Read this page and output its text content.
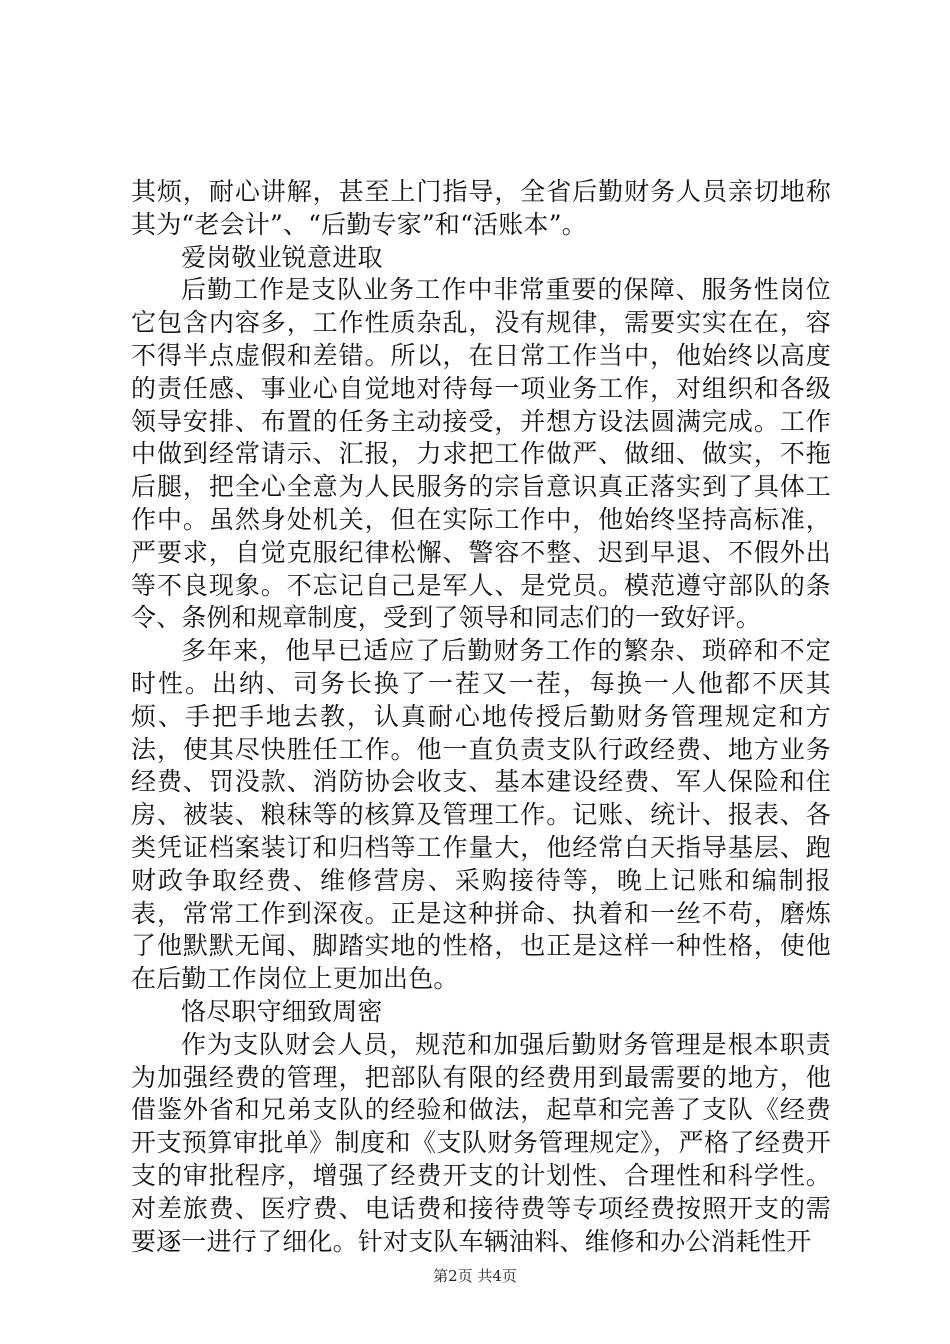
其烦，耐心讲解，甚至上门指导，全省后勤财务人员亲切地称其为“老会计”、“后勤专家”和“活账本”。

爱岗敬业锐意进取

后勤工作是支队业务工作中非常重要的保障、服务性岗位它包含内容多，工作性质杂乱，没有规律，需要实实在在，容不得半点虚假和差错。所以，在日常工作当中，他始终以高度的责任感、事业心自觉地对待每一项业务工作，对组织和各级领导安排、布置的任务主动接受，并想方设法圆满完成。工作中做到经常请示、汇报，力求把工作做严、做细、做实，不拖后腿，把全心全意为人民服务的宗旨意识真正落实到了具体工作中。虽然身处机关，但在实际工作中，他始终坚持高标准，严要求，自觉克服纪律松懈、警容不整、迟到早退、不假外出等不良现象。不忘记自己是军人、是党员。模范遵守部队的条令、条例和规章制度，受到了领导和同志们的一致好评。

多年来，他早已适应了后勤财务工作的繁杂、琐碎和不定时性。出纳、司务长换了一茬又一茬，每换一人他都不厌其烦、手把手地去教，认真耐心地传授后勤财务管理规定和方法，使其尽快胜任工作。他一直负责支队行政经费、地方业务经费、罚没款、消防协会收支、基本建设经费、军人保险和住房、被装、粮秣等的核算及管理工作。记账、统计、报表、各类凭证档案装订和归档等工作量大，他经常白天指导基层、跑财政争取经费、维修营房、采购接待等，晚上记账和编制报表，常常工作到深夜。正是这种拼命、执着和一丝不苟，磨炼了他默默无闻、脚踏实地的性格，也正是这样一种性格，使他在后勤工作岗位上更加出色。

恪尽职守细致周密

作为支队财会人员，规范和加强后勤财务管理是根本职责为加强经费的管理，把部队有限的经费用到最需要的地方，他借鉴外省和兄弟支队的经验和做法，起草和完善了支队《经费开支预算审批单》制度和《支队财务管理规定》，严格了经费开支的审批程序，增强了经费开支的计划性、合理性和科学性。对差旅费、医疗费、电话费和接待费等专项经费按照开支的需要逐一进行了细化。针对支队车辆油料、维修和办公消耗性开

第2页 共4页
